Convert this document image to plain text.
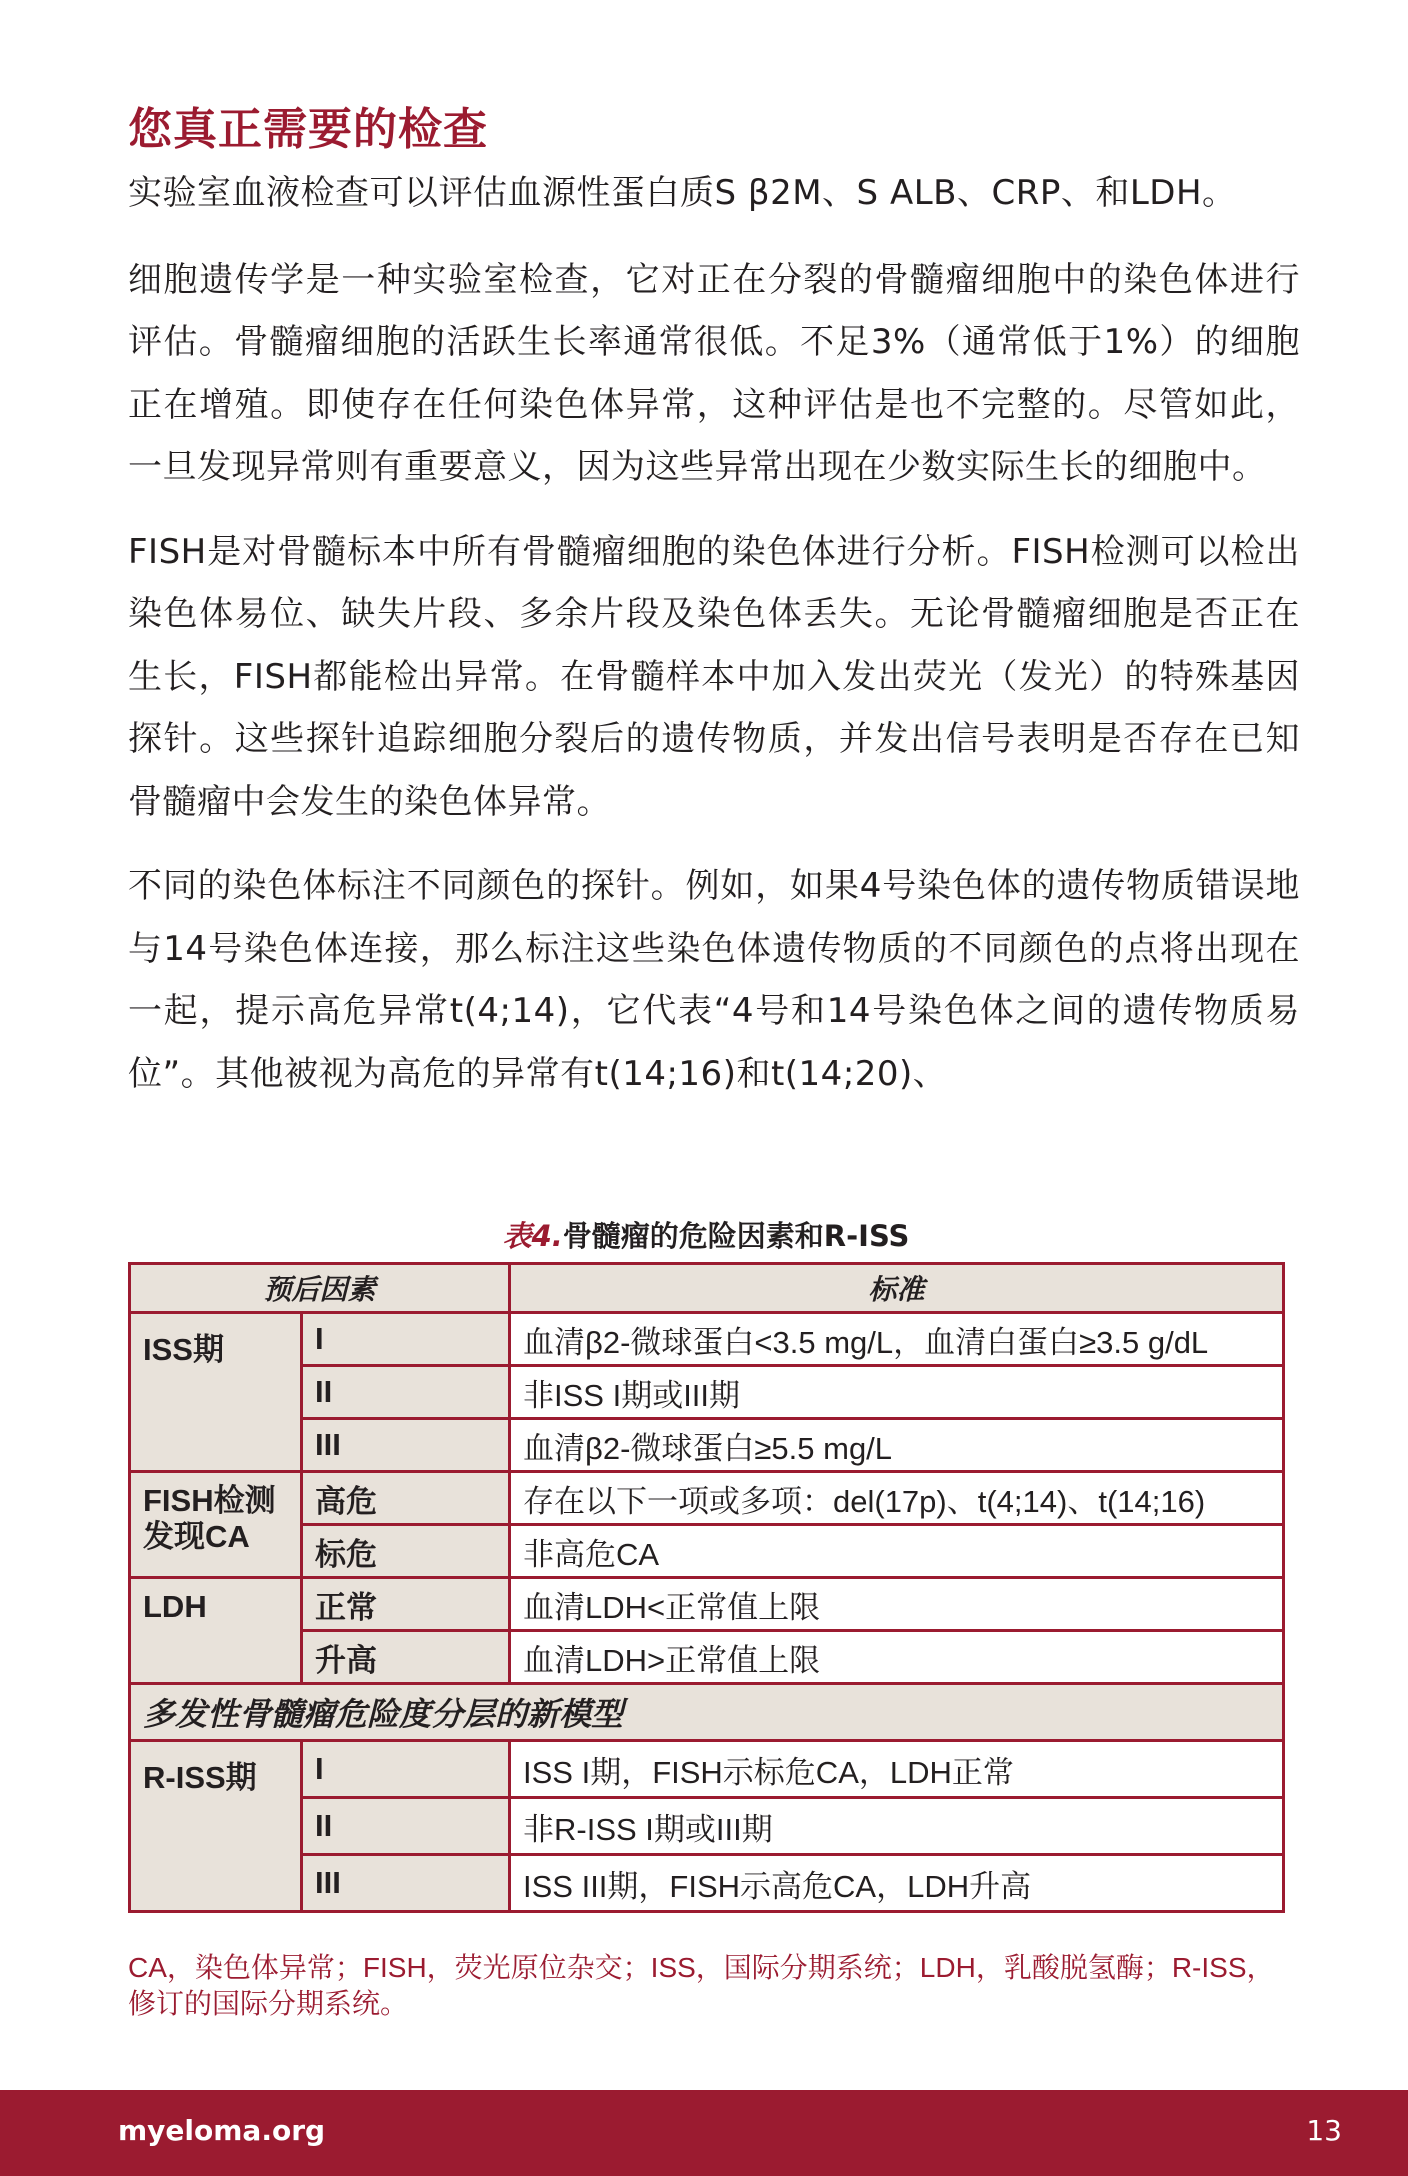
您真正需要的检查

实验室血液检查可以评估血源性蛋白质S β2M、S ALB、CRP、和LDH。

细胞遗传学是一种实验室检查，它对正在分裂的骨髓瘤细胞中的染色体进行评估。骨髓瘤细胞的活跃生长率通常很低。不足3%（通常低于1%）的细胞正在增殖。即使存在任何染色体异常，这种评估是也不完整的。尽管如此，一旦发现异常则有重要意义，因为这些异常出现在少数实际生长的细胞中。

FISH是对骨髓标本中所有骨髓瘤细胞的染色体进行分析。FISH检测可以检出染色体易位、缺失片段、多余片段及染色体丢失。无论骨髓瘤细胞是否正在生长，FISH都能检出异常。在骨髓样本中加入发出荧光（发光）的特殊基因探针。这些探针追踪细胞分裂后的遗传物质，并发出信号表明是否存在已知骨髓瘤中会发生的染色体异常。

不同的染色体标注不同颜色的探针。例如，如果4号染色体的遗传物质错误地与14号染色体连接，那么标注这些染色体遗传物质的不同颜色的点将出现在一起，提示高危异常t(4;14)，它代表“4号和14号染色体之间的遗传物质易位”。其他被视为高危的异常有t(14;16)和t(14;20)、

表4.骨髓瘤的危险因素和R-ISS
预后因素		标准
ISS期	I	血清β2-微球蛋白<3.5 mg/L，血清白蛋白≥3.5 g/dL
	II	非ISS I期或III期
	III	血清β2-微球蛋白≥5.5 mg/L
FISH检测发现CA	高危	存在以下一项或多项：del(17p)、t(4;14)、t(14;16)
	标危	非高危CA
LDH	正常	血清LDH<正常值上限
	升高	血清LDH>正常值上限
多发性骨髓瘤危险度分层的新模型		
R-ISS期	I	ISS I期，FISH示标危CA，LDH正常
	II	非R-ISS I期或III期
	III	ISS III期，FISH示高危CA，LDH升高
CA，染色体异常；FISH，荧光原位杂交；ISS，国际分期系统；LDH，乳酸脱氢酶；R-ISS，修订的国际分期系统。
myeloma.org	13
